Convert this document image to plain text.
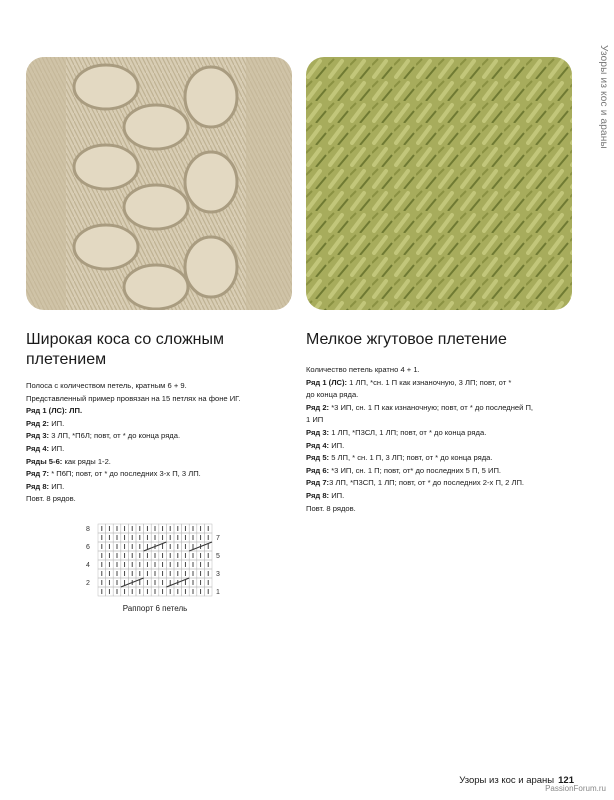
Узоры из кос и араны
Широкая коса со сложным плетением

Полоса с количеством петель, кратным 6 + 9.

Представленный пример провязан на 15 петлях на фоне ИГ.

Ряд 1 (ЛС): ЛП.

Ряд 2: ИП.

Ряд 3: 3 ЛП, *П6Л; повт, от * до конца ряда.

Ряд 4: ИП.

Ряды 5-6: как ряды 1-2.

Ряд 7: * П6П; повт, от * до последних 3-х П, 3 ЛП.

Ряд 8: ИП.

Повт. 8 рядов.

8
6
4
2
7
5
3
1
Раппорт 6 петель
Мелкое жгутовое плетение

Количество петель кратно 4 + 1.

Ряд 1 (ЛС): 1 ЛП, *сн. 1 П как изнаночную, 3 ЛП; повт, от *

до конца ряда.

Ряд 2: *3 ИП, сн. 1 П как изнаночную; повт, от * до последней П,

1 ИП

Ряд 3: 1 ЛП, *П3СЛ, 1 ЛП; повт, от * до конца ряда.

Ряд 4: ИП.

Ряд 5: 5 ЛП, * сн. 1 П, 3 ЛП; повт, от * до конца ряда.

Ряд 6: *3 ИП, сн. 1 П; повт, от* до последних 5 П, 5 ИП.

Ряд 7:3 ЛП, *П3СП, 1 ЛП; повт, от * до последних 2-х П, 2 ЛП.

Ряд 8: ИП.

Повт. 8 рядов.

Узоры из кос и араны 121
PassionForum.ru
